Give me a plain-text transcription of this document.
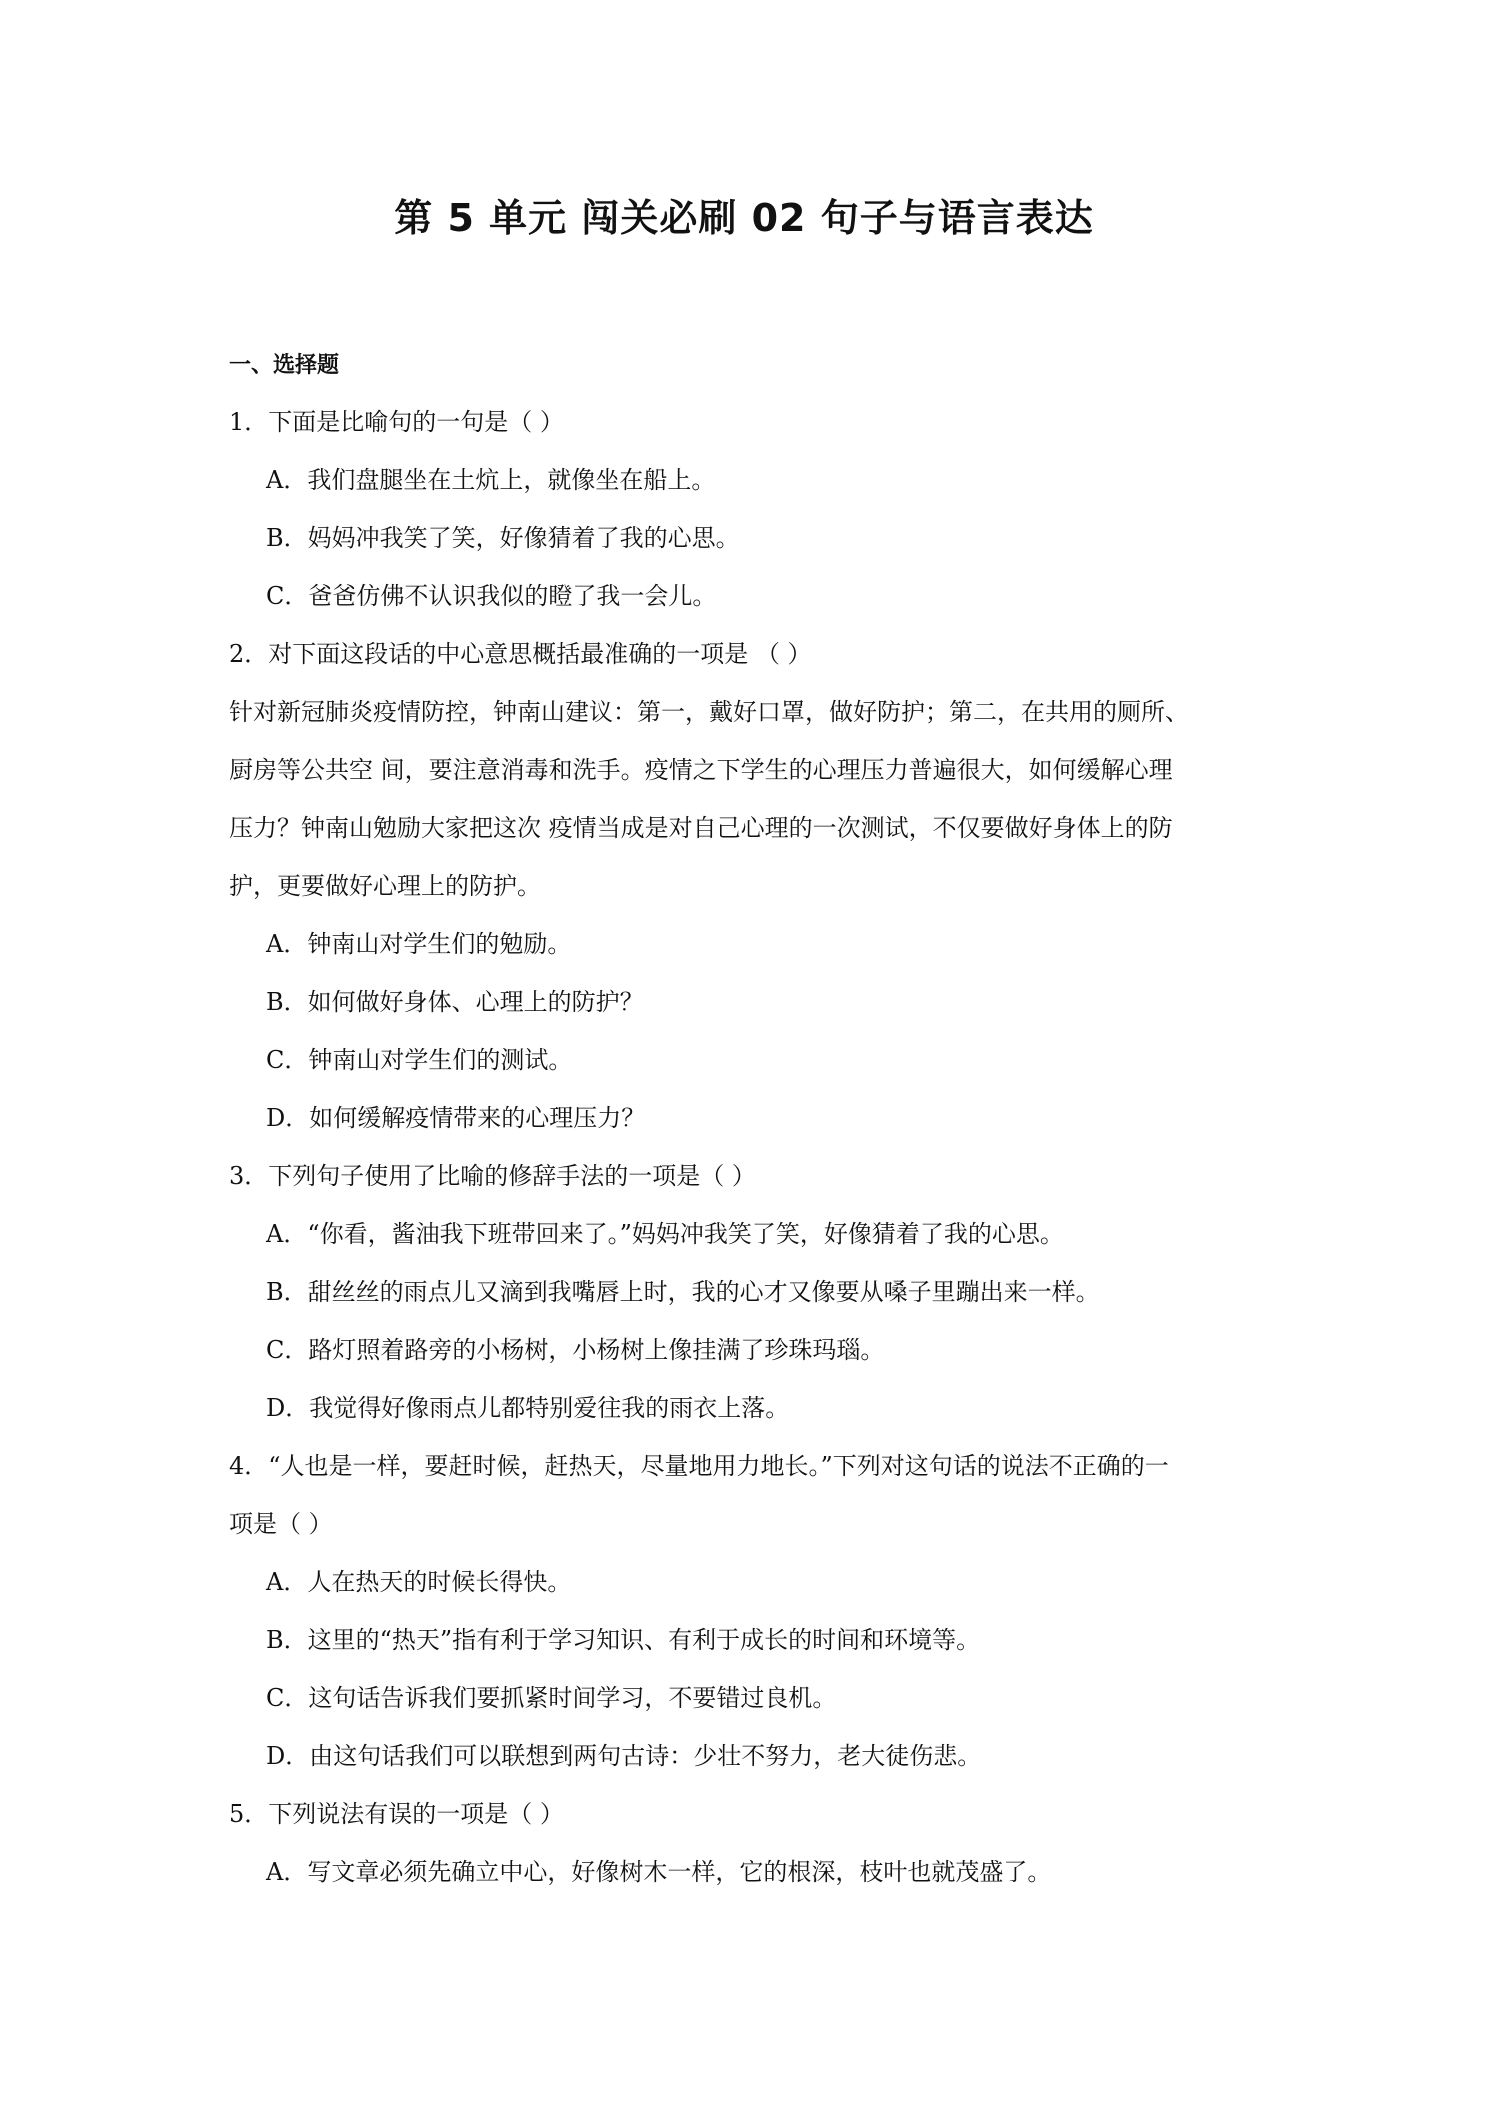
第 5 单元 闯关必刷 02 句子与语言表达
一、选择题
1．下面是比喻句的一句是（ ）
A．我们盘腿坐在土炕上，就像坐在船上。
B．妈妈冲我笑了笑，好像猜着了我的心思。
C．爸爸仿佛不认识我似的瞪了我一会儿。
2．对下面这段话的中心意思概括最准确的一项是 （ ）
针对新冠肺炎疫情防控，钟南山建议：第一，戴好口罩，做好防护；第二，在共用的厕所、
厨房等公共空 间，要注意消毒和洗手。疫情之下学生的心理压力普遍很大，如何缓解心理
压力？钟南山勉励大家把这次 疫情当成是对自己心理的一次测试，不仅要做好身体上的防
护，更要做好心理上的防护。
A．钟南山对学生们的勉励。
B．如何做好身体、心理上的防护？
C．钟南山对学生们的测试。
D．如何缓解疫情带来的心理压力？
3．下列句子使用了比喻的修辞手法的一项是（ ）
A．“你看，酱油我下班带回来了。”妈妈冲我笑了笑，好像猜着了我的心思。
B．甜丝丝的雨点儿又滴到我嘴唇上时，我的心才又像要从嗓子里蹦出来一样。
C．路灯照着路旁的小杨树，小杨树上像挂满了珍珠玛瑙。
D．我觉得好像雨点儿都特别爱往我的雨衣上落。
4．“人也是一样，要赶时候，赶热天，尽量地用力地长。”下列对这句话的说法不正确的一
项是（ ）
A．人在热天的时候长得快。
B．这里的“热天”指有利于学习知识、有利于成长的时间和环境等。
C．这句话告诉我们要抓紧时间学习，不要错过良机。
D．由这句话我们可以联想到两句古诗：少壮不努力，老大徒伤悲。
5．下列说法有误的一项是（ ）
A．写文章必须先确立中心，好像树木一样，它的根深，枝叶也就茂盛了。
